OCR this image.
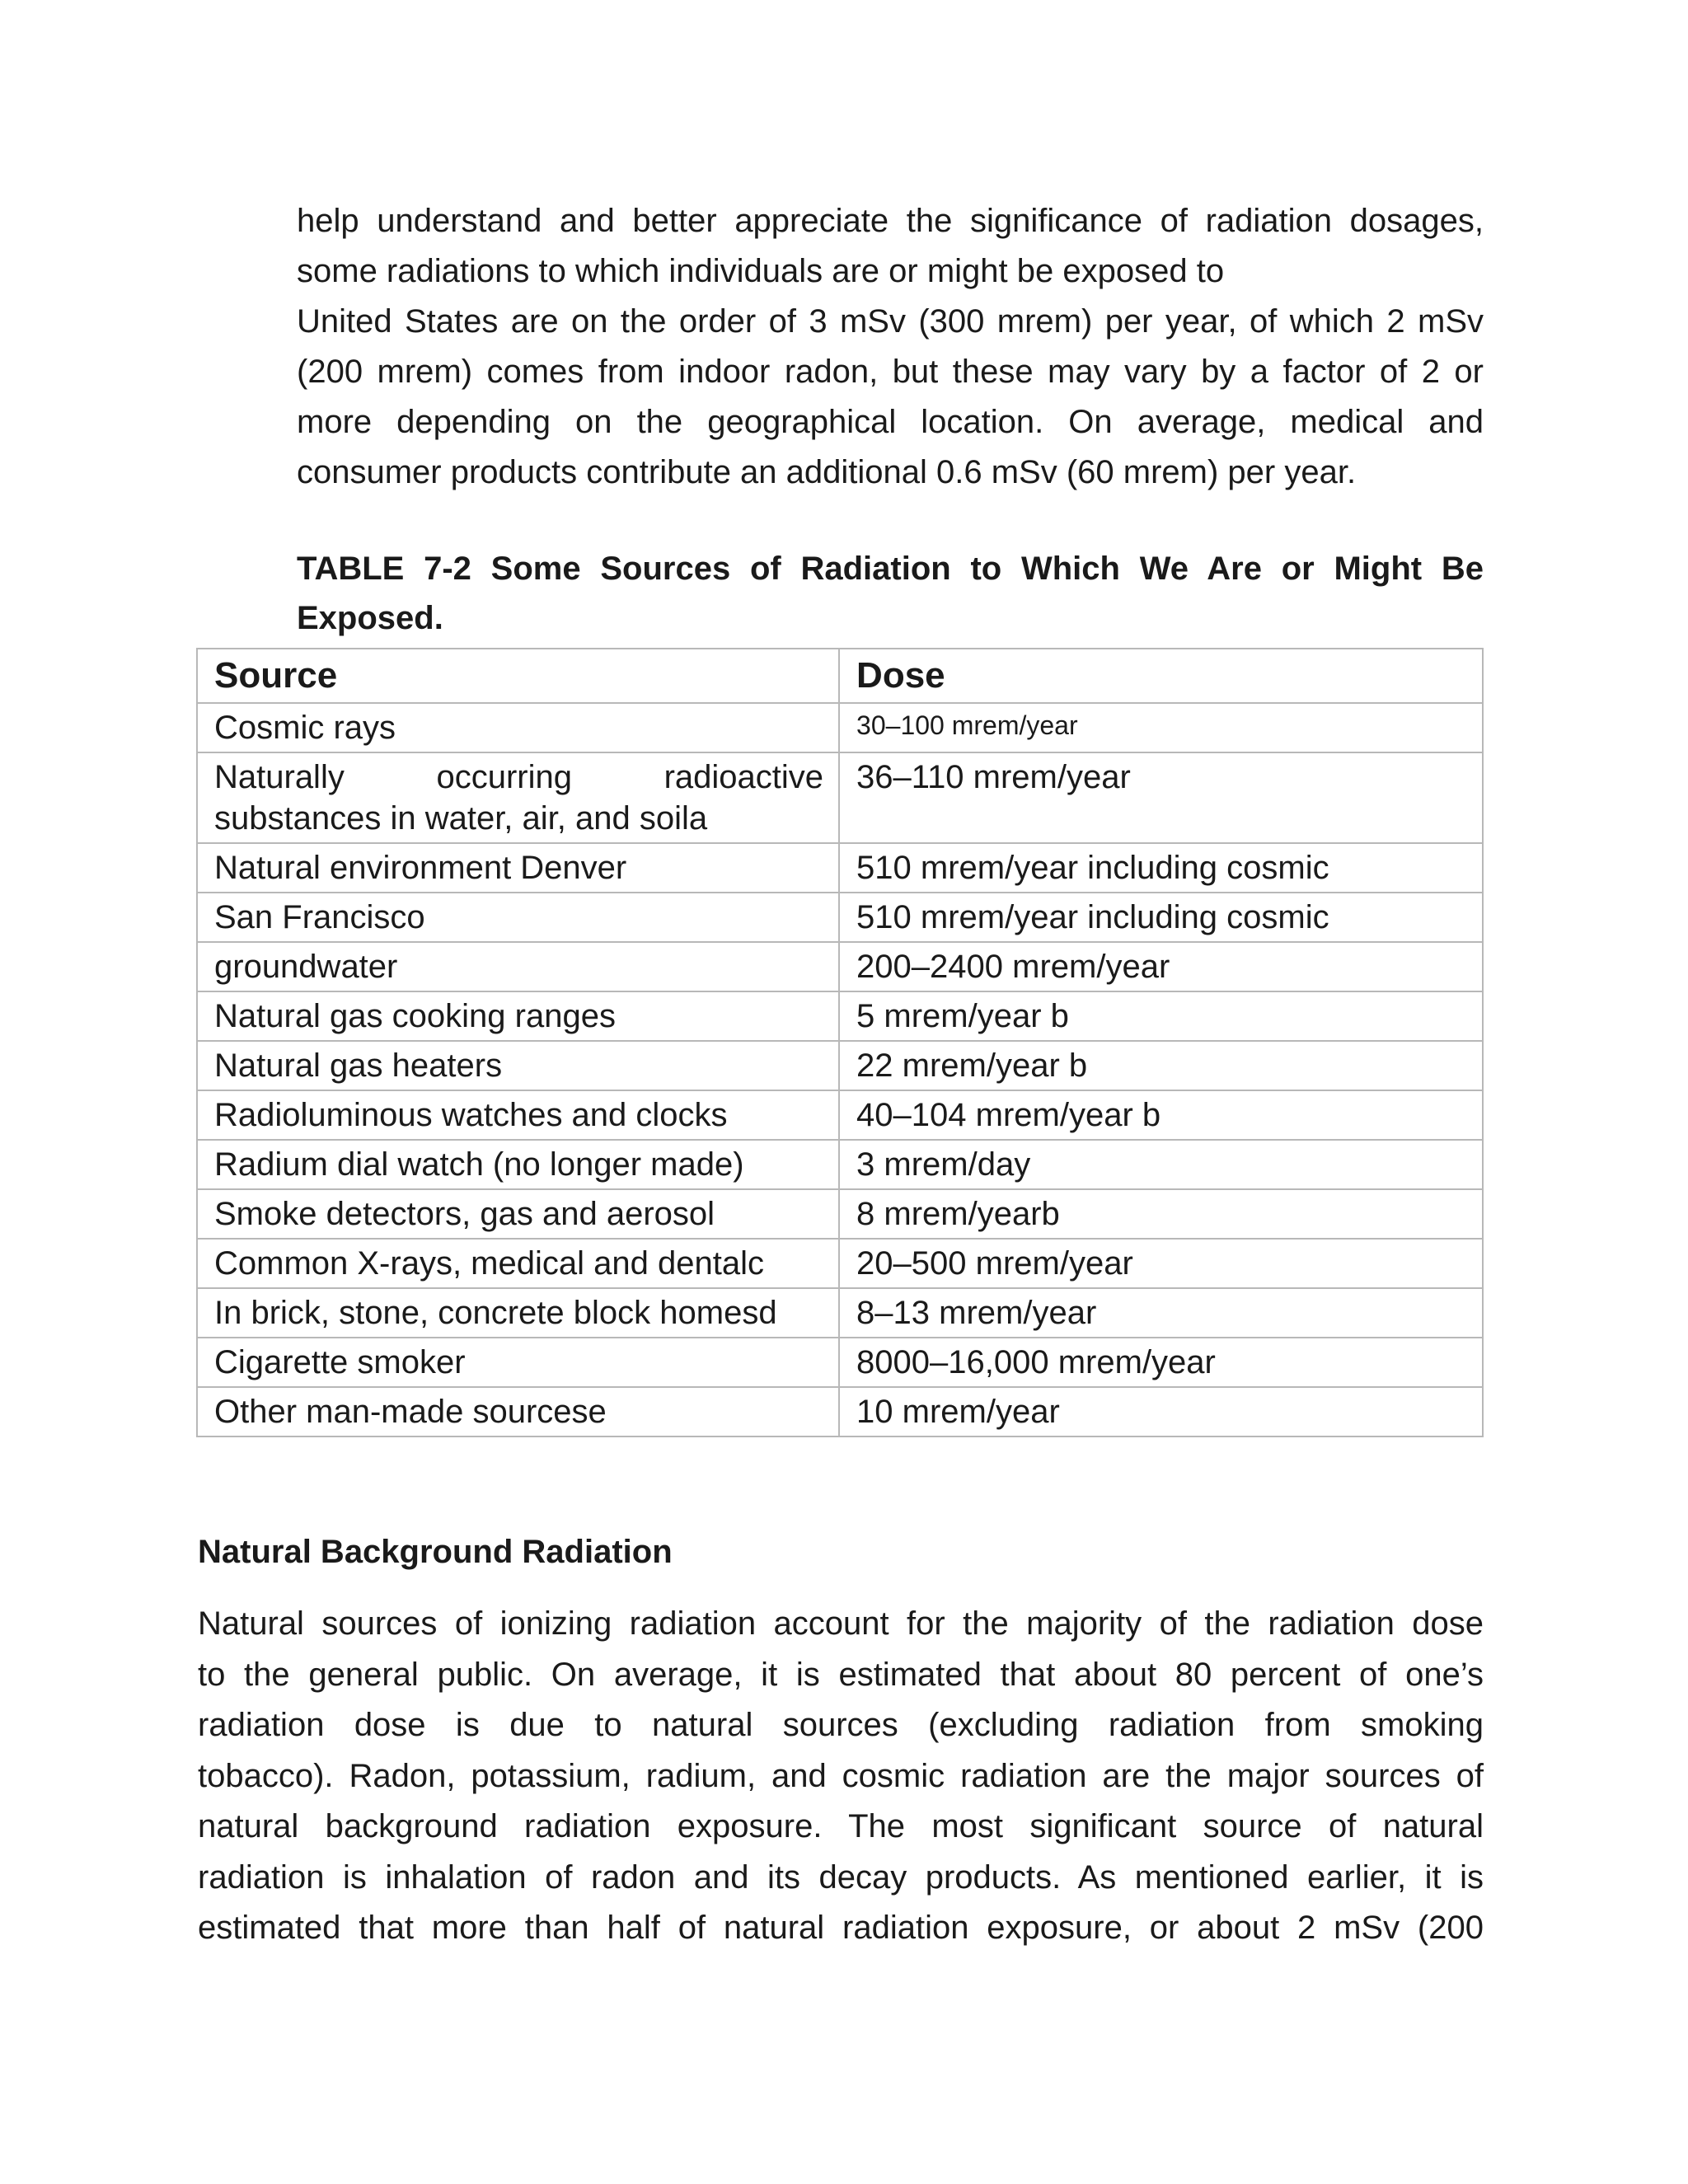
help understand and better appreciate the significance of radiation dosages,
some radiations to which individuals are or might be exposed to
United States are on the order of 3 mSv (300 mrem) per year, of which 2 mSv
(200 mrem) comes from indoor radon, but these may vary by a factor of 2 or
more depending on the geographical location. On average, medical and
consumer products contribute an additional 0.6 mSv (60 mrem) per year.

TABLE 7-2 Some Sources of Radiation to Which We Are or Might Be
Exposed.

Source	Dose
Cosmic rays	30–100 mrem/year

Naturally occurring radioactive
substances in water, air, and soila	36–110 mrem/year
Natural environment Denver	510 mrem/year including cosmic
San Francisco	510 mrem/year including cosmic
groundwater	200–2400 mrem/year
Natural gas cooking ranges	5 mrem/year b
Natural gas heaters	22 mrem/year b
Radioluminous watches and clocks	40–104 mrem/year b
Radium dial watch (no longer made)	3 mrem/day
Smoke detectors, gas and aerosol	8 mrem/yearb
Common X-rays, medical and dentalc	20–500 mrem/year
In brick, stone, concrete block homesd	8–13 mrem/year
Cigarette smoker	8000–16,000 mrem/year
Other man-made sourcese	10 mrem/year
Natural Background Radiation

Natural sources of ionizing radiation account for the majority of the radiation dose
to the general public. On average, it is estimated that about 80 percent of one’s
radiation dose is due to natural sources (excluding radiation from smoking
tobacco). Radon, potassium, radium, and cosmic radiation are the major sources of
natural background radiation exposure. The most significant source of natural
radiation is inhalation of radon and its decay products. As mentioned earlier, it is
estimated that more than half of natural radiation exposure, or about 2 mSv (200
